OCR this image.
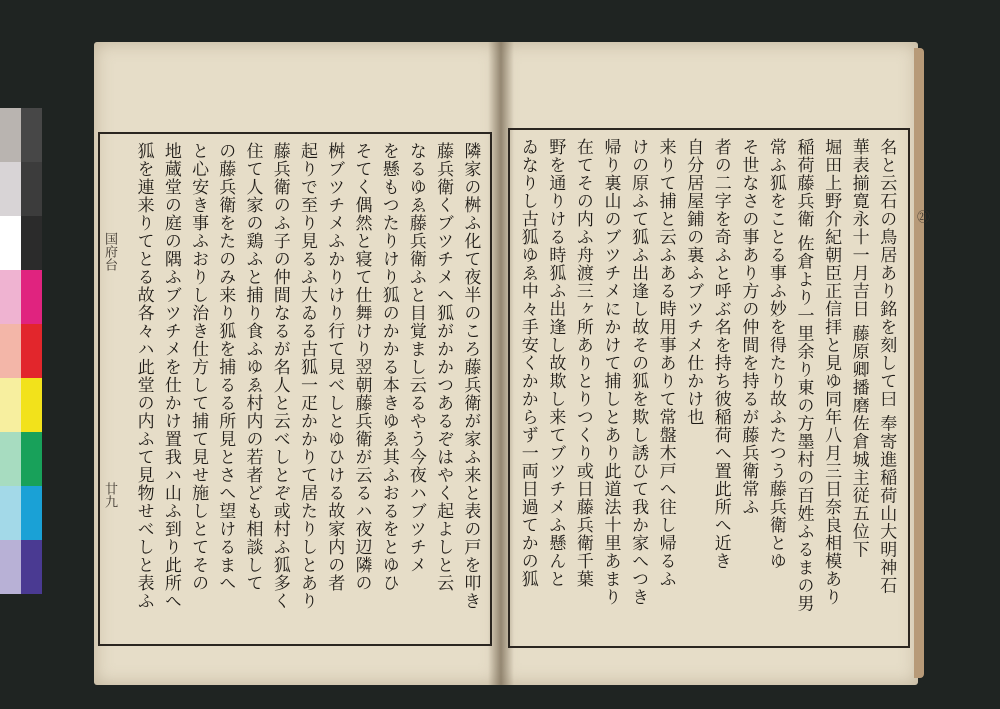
名と云石の鳥居あり銘を刻して曰 奉寄進稲荷山大明神石
華表揃寛永十一月吉日 藤原卿播磨佐倉城主従五位下
堀田上野介紀朝臣正信拝と見ゆ同年八月三日奈良相模あり
稲荷藤兵衛 佐倉より一里余り東の方墨村の百姓ふるまの男
常ふ狐をことる事ふ妙を得たり故ふたつう藤兵衛とゆ
そ世なさの事あり方の仲間を持るが藤兵衛常ふ
者の二字を奇ふと呼ぶ名を持ち彼稲荷へ置此所へ近き
自分居屋鋪の裏ふブツチメ仕かけ也
来りて捕と云ふある時用事ありて常盤木戸へ往し帰るふ
けの原ふて狐ふ出逢し故その狐を欺し誘ひて我か家へつき
帰り裏山のブツチメにかけて捕しとあり此道法十里あまり
在てその内ふ舟渡三ヶ所ありとりつくり或日藤兵衛千葉
野を通りける時狐ふ出逢し故欺し来てブツチメふ懸んと
ゐなりし古狐ゆゑ中々手安くかからず一両日過てかの狐
隣家の桝ふ化て夜半のころ藤兵衛が家ふ来と表の戸を叩き
藤兵衛くブツチメへ狐がかかつあるぞはやく起よしと云
なるゆゑ藤兵衛ふと目覚まし云るやう今夜ハブツチメ
を懸もつたりけり狐のかかる本きゆゑ其ふおるをとゆひ
そてく偶然と寝て仕舞けり翌朝藤兵衛が云るハ夜辺隣の
桝ブツチメふかりけり行て見べしとゆひける故家内の者
起りで至り見るふ大ゐる古狐一疋かかりて居たりしとあり
藤兵衛のふ子の仲間なるが名人と云べしとぞ或村ふ狐多く
住て人家の鶏ふと捕り食ふゆゑ村内の若者ども相談して
の藤兵衛をたのみ来り狐を捕るる所見とさへ望けるまへ
と心安き事ふおりし治き仕方して捕て見せ施しとてその
地蔵堂の庭の隅ふブツチメを仕かけ置我ハ山ふ到り此所へ
狐を連来りてとる故各々ハ此堂の内ふて見物せべしと表ふ	㉑
国府台
廿九
